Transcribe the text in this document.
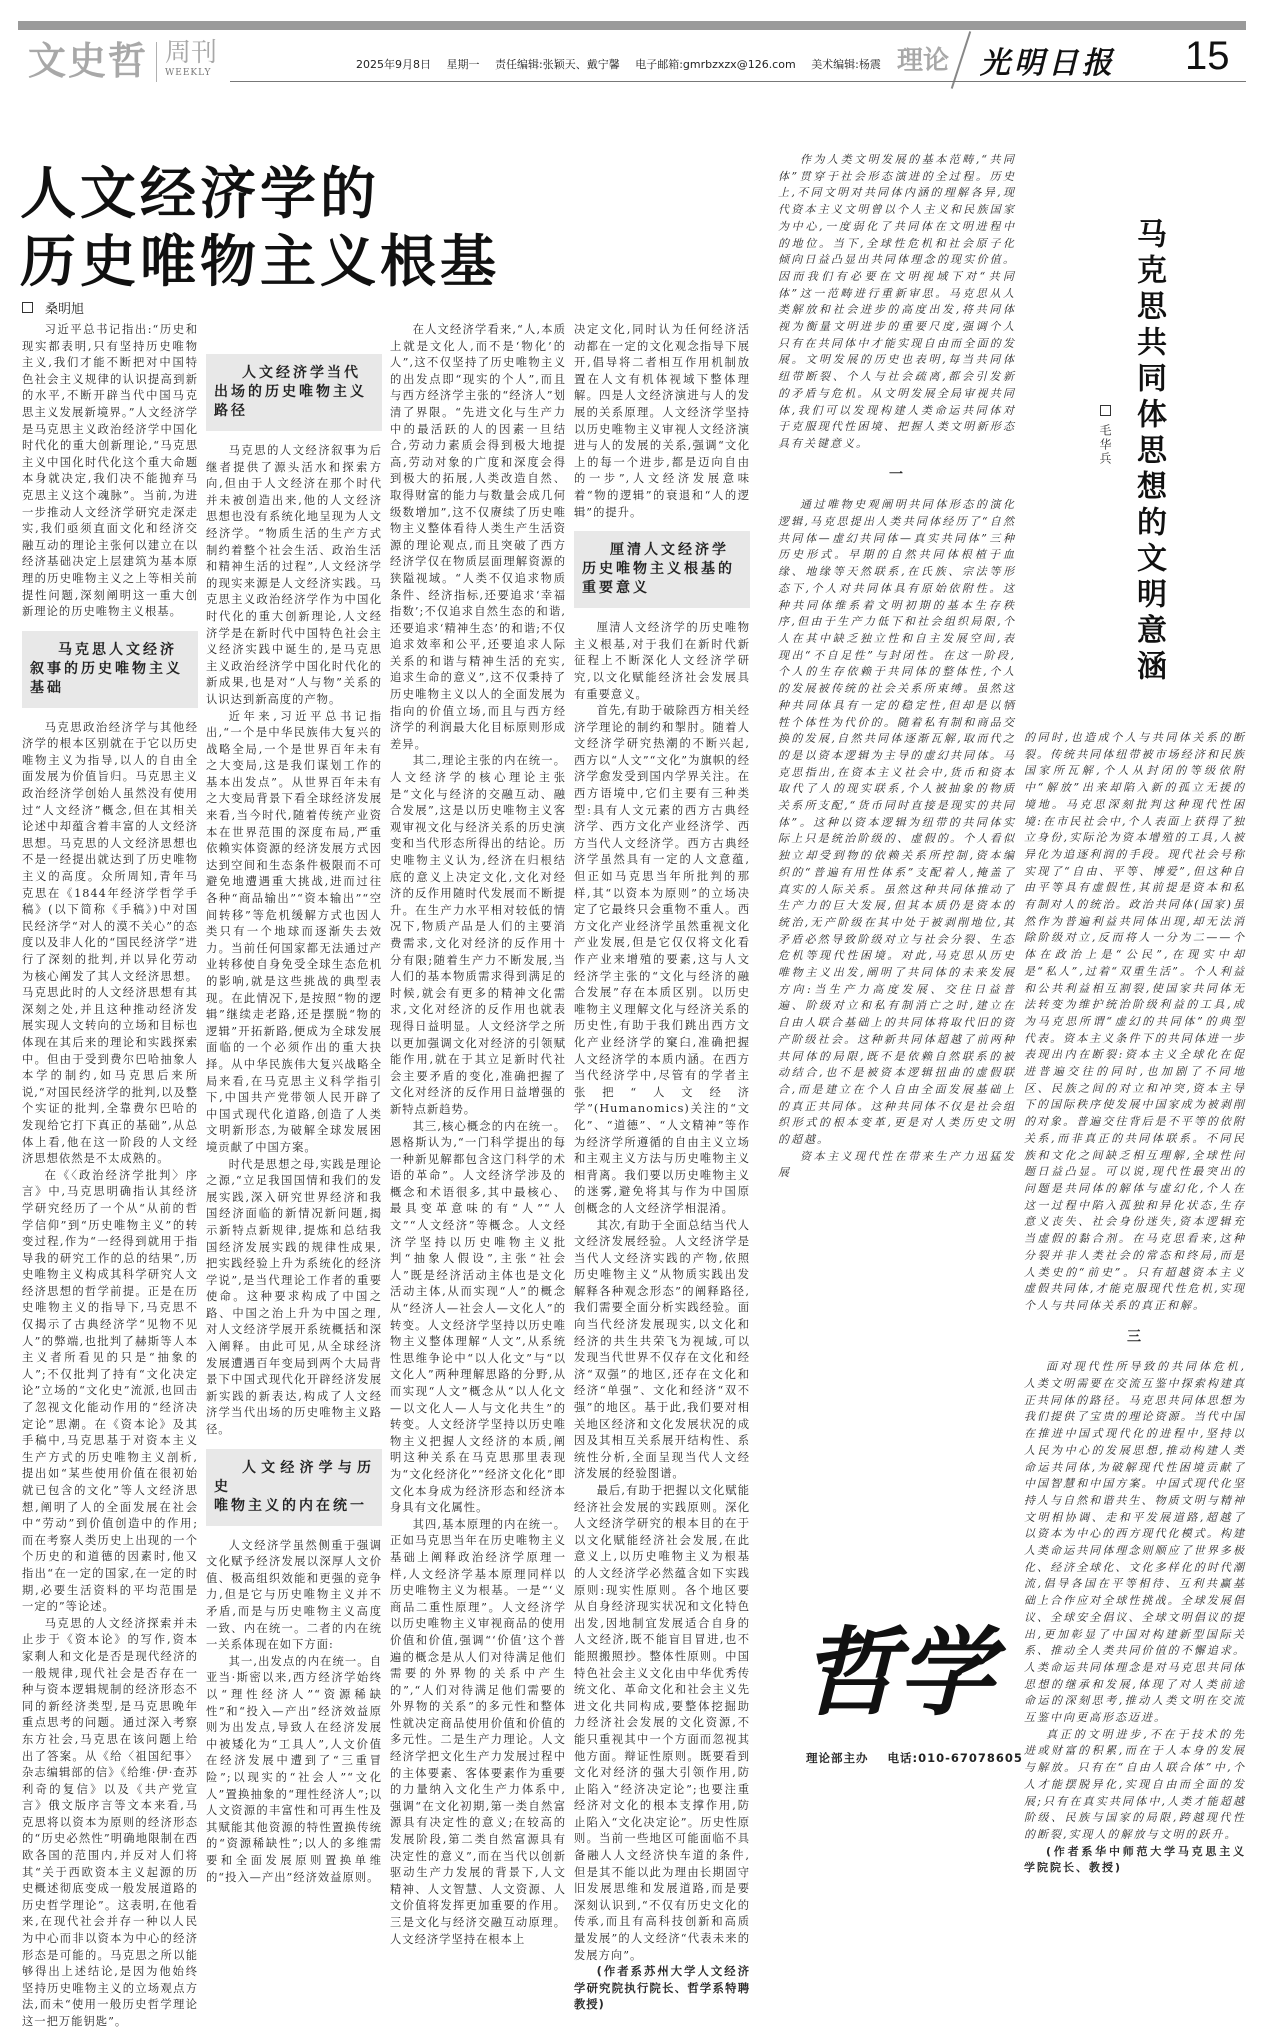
文史哲 周刊
WEEKLY
2025年9月8日 星期一 责任编辑:张颖天、戴宁馨 电子邮箱:gmrbzxzx@126.com 美术编辑:杨震 理论 光明日报 15
人文经济学的
历史唯物主义根基
桑明旭

习近平总书记指出:“历史和现实都表明,只有坚持历史唯物主义,我们才能不断把对中国特色社会主义规律的认识提高到新的水平,不断开辟当代中国马克思主义发展新境界。”人文经济学是马克思主义政治经济学中国化时代化的重大创新理论,“马克思主义中国化时代化这个重大命题本身就决定,我们决不能抛弃马克思主义这个魂脉”。当前,为进一步推动人文经济学研究走深走实,我们亟须直面文化和经济交融互动的理论主张何以建立在以经济基础决定上层建筑为基本原理的历史唯物主义之上等相关前提性问题,深刻阐明这一重大创新理论的历史唯物主义根基。

马克思人文经济
叙事的历史唯物主义
基础

马克思政治经济学与其他经济学的根本区别就在于它以历史唯物主义为指导,以人的自由全面发展为价值旨归。马克思主义政治经济学创始人虽然没有使用过“人文经济”概念,但在其相关论述中却蕴含着丰富的人文经济思想。马克思的人文经济思想也不是一经提出就达到了历史唯物主义的高度。众所周知,青年马克思在《1844年经济学哲学手稿》(以下简称《手稿》)中对国民经济学“对人的漠不关心”的态度以及非人化的“国民经济学”进行了深刻的批判,并以异化劳动为核心阐发了其人文经济思想。马克思此时的人文经济思想有其深刻之处,并且这种推动经济发展实现人文转向的立场和目标也体现在其后来的理论和实践探索中。但由于受到费尔巴哈抽象人本学的制约,如马克思后来所说,“对国民经济学的批判,以及整个实证的批判,全靠费尔巴哈的发现给它打下真正的基础”,从总体上看,他在这一阶段的人文经济思想依然是不太成熟的。

在《〈政治经济学批判〉序言》中,马克思明确指认其经济学研究经历了一个从“从前的哲学信仰”到“历史唯物主义”的转变过程,作为“一经得到就用于指导我的研究工作的总的结果”,历史唯物主义构成其科学研究人文经济思想的哲学前提。正是在历史唯物主义的指导下,马克思不仅揭示了古典经济学“见物不见人”的弊端,也批判了赫斯等人本主义者所看见的只是“抽象的人”;不仅批判了持有“文化决定论”立场的“文化史”流派,也回击了忽视文化能动作用的“经济决定论”思潮。在《资本论》及其手稿中,马克思基于对资本主义生产方式的历史唯物主义剖析,提出如“某些使用价值在很初始就已包含的文化”等人文经济思想,阐明了人的全面发展在社会中“劳动”到价值创造中的作用;而在考察人类历史上出现的一个个历史的和道德的因素时,他又指出“在一定的国家,在一定的时期,必要生活资料的平均范围是一定的”等论述。

马克思的人文经济探索并未止步于《资本论》的写作,资本家剩人和文化是否是现代经济的一般规律,现代社会是否存在一种与资本逻辑规制的经济形态不同的新经济类型,是马克思晚年重点思考的问题。通过深入考察东方社会,马克思在该问题上给出了答案。从《给〈祖国纪事〉杂志编辑部的信》《给维·伊·查苏利奇的复信》以及《共产党宣言》俄文版序言等文本来看,马克思将以资本为原则的经济形态的“历史必然性”明确地限制在西欧各国的范围内,并反对人们将其“关于西欧资本主义起源的历史概述彻底变成一般发展道路的历史哲学理论”。这表明,在他看来,在现代社会并存一种以人民为中心而非以资本为中心的经济形态是可能的。马克思之所以能够得出上述结论,是因为他始终坚持历史唯物主义的立场观点方法,而未“使用一般历史哲学理论这一把万能钥匙”。

人文经济学当代
出场的历史唯物主义
路径

马克思的人文经济叙事为后继者提供了源头活水和探索方向,但由于人文经济在那个时代并未被创造出来,他的人文经济思想也没有系统化地呈现为人文经济学。“物质生活的生产方式制约着整个社会生活、政治生活和精神生活的过程”,人文经济学的现实来源是人文经济实践。马克思主义政治经济学作为中国化时代化的重大创新理论,人文经济学是在新时代中国特色社会主义经济实践中诞生的,是马克思主义政治经济学中国化时代化的新成果,也是对“人与物”关系的认识达到新高度的产物。

近年来,习近平总书记指出,“一个是中华民族伟大复兴的战略全局,一个是世界百年未有之大变局,这是我们谋划工作的基本出发点”。从世界百年未有之大变局背景下看全球经济发展来看,当今时代,随着传统产业资本在世界范围的深度布局,严重依赖实体资源的经济发展方式因达到空间和生态条件极限而不可避免地遭遇重大挑战,进而过往各种“商品输出”“资本输出”“空间转移”等危机缓解方式也因人类只有一个地球而逐渐失去效力。当前任何国家都无法通过产业转移使自身免受全球生态危机的影响,就是这些挑战的典型表现。在此情况下,是按照“物的逻辑”继续走老路,还是摆脱“物的逻辑”开拓新路,便成为全球发展面临的一个必须作出的重大抉择。从中华民族伟大复兴战略全局来看,在马克思主义科学指引下,中国共产党带领人民开辟了中国式现代化道路,创造了人类文明新形态,为破解全球发展困境贡献了中国方案。

时代是思想之母,实践是理论之源,“立足我国国情和我们的发展实践,深入研究世界经济和我国经济面临的新情况新问题,揭示新特点新规律,提炼和总结我国经济发展实践的规律性成果,把实践经验上升为系统化的经济学说”,是当代理论工作者的重要使命。这种要求构成了中国之路、中国之治上升为中国之理,对人文经济学展开系统概括和深入阐释。由此可见,从全球经济发展遭遇百年变局到两个大局背景下中国式现代化开辟经济发展新实践的新表达,构成了人文经济学当代出场的历史唯物主义路径。

人文经济学与历史
唯物主义的内在统一

人文经济学虽然侧重于强调文化赋予经济发展以深厚人文价值、极高组织效能和更强的竞争力,但是它与历史唯物主义并不矛盾,而是与历史唯物主义高度一致、内在统一。二者的内在统一关系体现在如下方面:

其一,出发点的内在统一。自亚当·斯密以来,西方经济学始终以“理性经济人”“资源稀缺性”和“投入—产出”经济效益原则为出发点,导致人在经济发展中被矮化为“工具人”,人文价值在经济发展中遭到了“三重冒险”;以现实的“社会人”“文化人”置换抽象的“理性经济人”;以人文资源的丰富性和可再生性及其赋能其他资源的特性置换传统的“资源稀缺性”;以人的多维需要和全面发展原则置换单维的“投入—产出”经济效益原则。

在人文经济学看来,“人,本质上就是文化人,而不是‘物化’的人”,这不仅坚持了历史唯物主义的出发点即“现实的个人”,而且与西方经济学主张的“经济人”划清了界限。“先进文化与生产力中的最活跃的人的因素一旦结合,劳动力素质会得到极大地提高,劳动对象的广度和深度会得到极大的拓展,人类改造自然、取得财富的能力与数量会成几何级数增加”,这不仅赓续了历史唯物主义整体看待人类生产生活资源的理论观点,而且突破了西方经济学仅在物质层面理解资源的狭隘视域。“人类不仅追求物质条件、经济指标,还要追求‘幸福指数’;不仅追求自然生态的和谐,还要追求‘精神生态’的和谐;不仅追求效率和公平,还要追求人际关系的和谐与精神生活的充实,追求生命的意义”,这不仅秉持了历史唯物主义以人的全面发展为指向的价值立场,而且与西方经济学的利润最大化目标原则形成差异。

其二,理论主张的内在统一。人文经济学的核心理论主张是“文化与经济的交融互动、融合发展”,这是以历史唯物主义客观审视文化与经济关系的历史演变和当代形态所得出的结论。历史唯物主义认为,经济在归根结底的意义上决定文化,文化对经济的反作用随时代发展而不断提升。在生产力水平相对较低的情况下,物质产品是人们的主要消费需求,文化对经济的反作用十分有限;随着生产力不断发展,当人们的基本物质需求得到满足的时候,就会有更多的精神文化需求,文化对经济的反作用也就表现得日益明显。人文经济学之所以更加强调文化对经济的引领赋能作用,就在于其立足新时代社会主要矛盾的变化,准确把握了文化对经济的反作用日益增强的新特点新趋势。

其三,核心概念的内在统一。恩格斯认为,“一门科学提出的每一种新见解都包含这门科学的术语的革命”。人文经济学涉及的概念和术语很多,其中最核心、最具变革意味的有“人”“人文”“人文经济”等概念。人文经济学坚持以历史唯物主义批判“抽象人假设”,主张“社会人”既是经济活动主体也是文化活动主体,从而实现“人”的概念从“经济人—社会人—文化人”的转变。人文经济学坚持以历史唯物主义整体理解“人文”,从系统性思维争论中“以人化文”与“以文化人”两种理解思路的分野,从而实现“人文”概念从“以人化文—以文化人—人与文化共生”的转变。人文经济学坚持以历史唯物主义把握人文经济的本质,阐明这种关系在马克思那里表现为“文化经济化”“经济文化化”即文化本身成为经济形态和经济本身具有文化属性。

其四,基本原理的内在统一。正如马克思当年在历史唯物主义基础上阐释政治经济学原理一样,人文经济学基本原理同样以历史唯物主义为根基。一是“‘义商品二重性原理”。人文经济学以历史唯物主义审视商品的使用价值和价值,强调“‘价值’这个普遍的概念是从人们对待满足他们需要的外界物的关系中产生的”,“人们对待满足他们需要的外界物的关系”的多元性和整体性就决定商品使用价值和价值的多元性。二是生产力理论。人文经济学把文化生产力发展过程中的主体要素、客体要素作为重要的力量纳入文化生产力体系中,强调“在文化初期,第一类自然富源具有决定性的意义;在较高的发展阶段,第二类自然富源具有决定性的意义”,而在当代以创新驱动生产力发展的背景下,人文精神、人文智慧、人文资源、人文价值将发挥更加重要的作用。三是文化与经济交融互动原理。人文经济学坚持在根本上

决定文化,同时认为任何经济活动都在一定的文化观念指导下展开,倡导将二者相互作用机制放置在人文有机体视域下整体理解。四是人文经济演进与人的发展的关系原理。人文经济学坚持以历史唯物主义审视人文经济演进与人的发展的关系,强调“文化上的每一个进步,都是迈向自由的一步”,人文经济发展意味着“物的逻辑”的衰退和“人的逻辑”的提升。

厘清人文经济学
历史唯物主义根基的
重要意义

厘清人文经济学的历史唯物主义根基,对于我们在新时代新征程上不断深化人文经济学研究,以文化赋能经济社会发展具有重要意义。

首先,有助于破除西方相关经济学理论的制约和掣肘。随着人文经济学研究热潮的不断兴起,西方以“人文”“文化”为旗帜的经济学愈发受到国内学界关注。在西方语境中,它们主要有三种类型:具有人文元素的西方古典经济学、西方文化产业经济学、西方当代人文经济学。西方古典经济学虽然具有一定的人文意蕴,但正如马克思当年所批判的那样,其“以资本为原则”的立场决定了它最终只会重物不重人。西方文化产业经济学虽然重视文化产业发展,但是它仅仅将文化看作产业来增殖的要素,这与人文经济学主张的“文化与经济的融合发展”存在本质区别。以历史唯物主义理解文化与经济关系的历史性,有助于我们跳出西方文化产业经济学的窠臼,准确把握人文经济学的本质内涵。在西方当代经济学中,尽管有的学者主张把“人文经济学”(Humanomics)关注的“文化”、“道德”、“人文精神”等作为经济学所遵循的自由主义立场和主观主义方法与历史唯物主义相背离。我们要以历史唯物主义的迷雾,避免将其与作为中国原创概念的人文经济学相混淆。

其次,有助于全面总结当代人文经济发展经验。人文经济学是当代人文经济实践的产物,依照历史唯物主义“从物质实践出发解释各种观念形态”的阐释路径,我们需要全面分析实践经验。面向当代经济发展现实,以文化和经济的共生共荣飞为视域,可以发现当代世界不仅存在文化和经济“双强”的地区,还存在文化和经济“单强”、文化和经济“双不强”的地区。基于此,我们要对相关地区经济和文化发展状况的成因及其相互关系展开结构性、系统性分析,全面呈现当代人文经济发展的经验图谱。

最后,有助于把握以文化赋能经济社会发展的实践原则。深化人文经济学研究的根本目的在于以文化赋能经济社会发展,在此意义上,以历史唯物主义为根基的人文经济学必然蕴含如下实践原则:现实性原则。各个地区要从自身经济现实状况和文化特色出发,因地制宜发展适合自身的人文经济,既不能盲目冒进,也不能照搬照抄。整体性原则。中国特色社会主义文化由中华优秀传统文化、革命文化和社会主义先进文化共同构成,要整体挖掘助力经济社会发展的文化资源,不能只重视其中一个方面而忽视其他方面。辩证性原则。既要看到文化对经济的强大引领作用,防止陷入“经济决定论”;也要注重经济对文化的根本支撑作用,防止陷入“文化决定论”。历史性原则。当前一些地区可能面临不具备融人人文经济快车道的条件,但是其不能以此为理由长期固守旧发展思维和发展道路,而是要深刻认识到,“不仅有历史文化的传承,而且有高科技创新和高质量发展”的人文经济“代表未来的发展方向”。

(作者系苏州大学人文经济学研究院执行院长、哲学系特聘教授)

马克思共同体思想的文明意涵
毛华兵

作为人类文明发展的基本范畴,“共同体”贯穿于社会形态演进的全过程。历史上,不同文明对共同体内涵的理解各异,现代资本主义文明曾以个人主义和民族国家为中心,一度弱化了共同体在文明进程中的地位。当下,全球性危机和社会原子化倾向日益凸显出共同体理念的现实价值。因而我们有必要在文明视域下对“共同体”这一范畴进行重新审思。马克思从人类解放和社会进步的高度出发,将共同体视为衡量文明进步的重要尺度,强调个人只有在共同体中才能实现自由而全面的发展。文明发展的历史也表明,每当共同体纽带断裂、个人与社会疏离,都会引发新的矛盾与危机。从文明发展全局审视共同体,我们可以发现构建人类命运共同体对于克服现代性困境、把握人类文明新形态具有关键意义。

一

通过唯物史观阐明共同体形态的演化逻辑,马克思提出人类共同体经历了“自然共同体—虚幻共同体—真实共同体”三种历史形式。早期的自然共同体根植于血缘、地缘等天然联系,在氏族、宗法等形态下,个人对共同体具有原始依附性。这种共同体维系着文明初期的基本生存秩序,但由于生产力低下和社会组织局限,个人在其中缺乏独立性和自主发展空间,表现出“不自足性”与封闭性。在这一阶段,个人的生存依赖于共同体的整体性,个人的发展被传统的社会关系所束缚。虽然这种共同体具有一定的稳定性,但却是以牺牲个体性为代价的。随着私有制和商品交换的发展,自然共同体逐渐瓦解,取而代之的是以资本逻辑为主导的虚幻共同体。马克思指出,在资本主义社会中,货币和资本取代了人的现实联系,个人被抽象的物质关系所支配,“货币同时直接是现实的共同体”。这种以资本逻辑为纽带的共同体实际上只是统治阶级的、虚假的。个人看似独立却受到物的依赖关系所控制,资本编织的“普遍有用性体系”支配着人,掩盖了真实的人际关系。虽然这种共同体推动了生产力的巨大发展,但其本质仍是资本的统治,无产阶级在其中处于被剥削地位,其矛盾必然导致阶级对立与社会分裂、生态危机等现代性困境。对此,马克思从历史唯物主义出发,阐明了共同体的未来发展方向:当生产力高度发展、交往日益普遍、阶级对立和私有制消亡之时,建立在自由人联合基础上的共同体将取代旧的资产阶级社会。这种新共同体超越了前两种共同体的局限,既不是依赖自然联系的被动结合,也不是被资本逻辑扭曲的虚假联合,而是建立在个人自由全面发展基础上的真正共同体。这种共同体不仅是社会组织形式的根本变革,更是对人类历史文明的超越。

资本主义现代性在带来生产力迅猛发展

的同时,也造成个人与共同体关系的断裂。传统共同体纽带被市场经济和民族国家所瓦解,个人从封闭的等级依附中“解放”出来却陷入新的孤立无援的境地。马克思深刻批判这种现代性困境:在市民社会中,个人表面上获得了独立身份,实际沦为资本增殖的工具,人被异化为追逐利润的手段。现代社会号称实现了“自由、平等、博爱”,但这种自由平等具有虚假性,其前提是资本和私有制对人的统治。政治共同体(国家)虽然作为普遍利益共同体出现,却无法消除阶级对立,反而将人一分为二——个体在政治上是“公民”,在现实中却是“私人”,过着“双重生活”。个人利益和公共利益相互割裂,使国家共同体无法转变为维护统治阶级利益的工具,成为马克思所谓“虚幻的共同体”的典型代表。资本主义条件下的共同体进一步表现出内在断裂:资本主义全球化在促进普遍交往的同时,也加剧了不同地区、民族之间的对立和冲突,资本主导下的国际秩序使发展中国家成为被剥削的对象。普遍交往背后是不平等的依附关系,而非真正的共同体联系。不同民族和文化之间缺乏相互理解,全球性问题日益凸显。可以说,现代性最突出的问题是共同体的解体与虚幻化,个人在这一过程中陷入孤独和异化状态,生存意义丧失、社会身份迷失,资本逻辑充当虚假的黏合剂。在马克思看来,这种分裂并非人类社会的常态和终局,而是人类史的“前史”。只有超越资本主义虚假共同体,才能克服现代性危机,实现个人与共同体关系的真正和解。

三

面对现代性所导致的共同体危机,人类文明需要在交流互鉴中探索构建真正共同体的路径。马克思共同体思想为我们提供了宝贵的理论资源。当代中国在推进中国式现代化的进程中,坚持以人民为中心的发展思想,推动构建人类命运共同体,为破解现代性困境贡献了中国智慧和中国方案。中国式现代化坚持人与自然和谐共生、物质文明与精神文明相协调、走和平发展道路,超越了以资本为中心的西方现代化模式。构建人类命运共同体理念则顺应了世界多极化、经济全球化、文化多样化的时代潮流,倡导各国在平等相待、互利共赢基础上合作应对全球性挑战。全球发展倡议、全球安全倡议、全球文明倡议的提出,更加彰显了中国对构建新型国际关系、推动全人类共同价值的不懈追求。人类命运共同体理念是对马克思共同体思想的继承和发展,体现了对人类前途命运的深刻思考,推动人类文明在交流互鉴中向更高形态迈进。

真正的文明进步,不在于技术的先进或财富的积累,而在于人本身的发展与解放。只有在“自由人联合体”中,个人才能摆脱异化,实现自由而全面的发展;只有在真实共同体中,人类才能超越阶级、民族与国家的局限,跨越现代性的断裂,实现人的解放与文明的跃升。

(作者系华中师范大学马克思主义学院院长、教授)

哲学
理论部主办 电话:010-67078605
